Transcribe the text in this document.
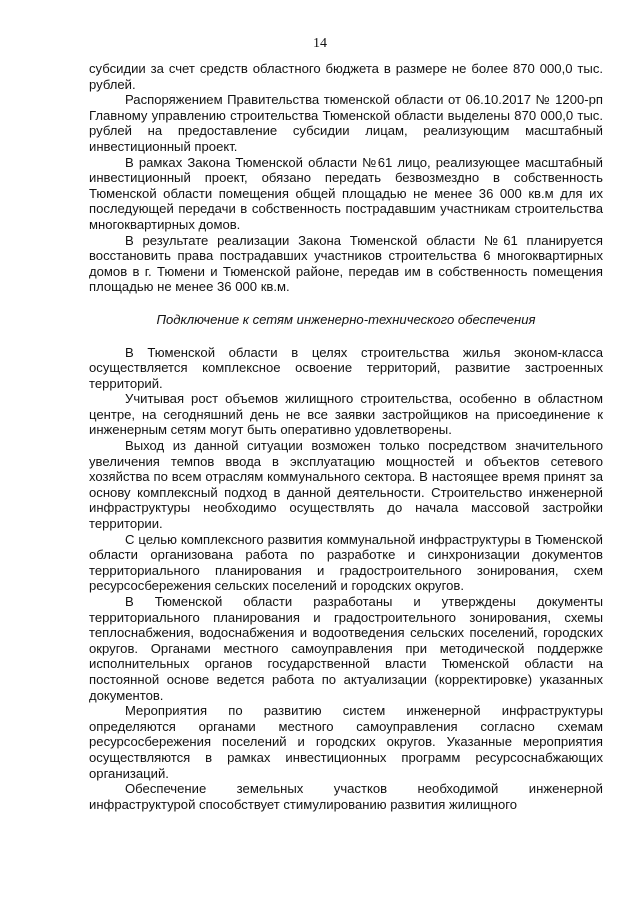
14

субсидии за счет средств областного бюджета в размере не более 870 000,0 тыс. рублей.

Распоряжением Правительства тюменской области от 06.10.2017 № 1200-рп Главному управлению строительства Тюменской области выделены 870 000,0 тыс. рублей на предоставление субсидии лицам, реализующим масштабный инвестиционный проект.

В рамках Закона Тюменской области №61 лицо, реализующее масштабный инвестиционный проект, обязано передать безвозмездно в собственность Тюменской области помещения общей площадью не менее 36 000 кв.м для их последующей передачи в собственность пострадавшим участникам строительства многоквартирных домов.

В результате реализации Закона Тюменской области №61 планируется восстановить права пострадавших участников строительства 6 многоквартирных домов в г. Тюмени и Тюменской районе, передав им в собственность помещения площадью не менее 36 000 кв.м.

Подключение к сетям инженерно-технического обеспечения

В Тюменской области в целях строительства жилья эконом-класса осуществляется комплексное освоение территорий, развитие застроенных территорий.

Учитывая рост объемов жилищного строительства, особенно в областном центре, на сегодняшний день не все заявки застройщиков на присоединение к инженерным сетям могут быть оперативно удовлетворены.

Выход из данной ситуации возможен только посредством значительного увеличения темпов ввода в эксплуатацию мощностей и объектов сетевого хозяйства по всем отраслям коммунального сектора. В настоящее время принят за основу комплексный подход в данной деятельности. Строительство инженерной инфраструктуры необходимо осуществлять до начала массовой застройки территории.

С целью комплексного развития коммунальной инфраструктуры в Тюменской области организована работа по разработке и синхронизации документов территориального планирования и градостроительного зонирования, схем ресурсосбережения сельских поселений и городских округов.

В Тюменской области разработаны и утверждены документы территориального планирования и градостроительного зонирования, схемы теплоснабжения, водоснабжения и водоотведения сельских поселений, городских округов. Органами местного самоуправления при методической поддержке исполнительных органов государственной власти Тюменской области на постоянной основе ведется работа по актуализации (корректировке) указанных документов.

Мероприятия по развитию систем инженерной инфраструктуры определяются органами местного самоуправления согласно схемам ресурсосбережения поселений и городских округов. Указанные мероприятия осуществляются в рамках инвестиционных программ ресурсоснабжающих организаций.

Обеспечение земельных участков необходимой инженерной инфраструктурой способствует стимулированию развития жилищного
